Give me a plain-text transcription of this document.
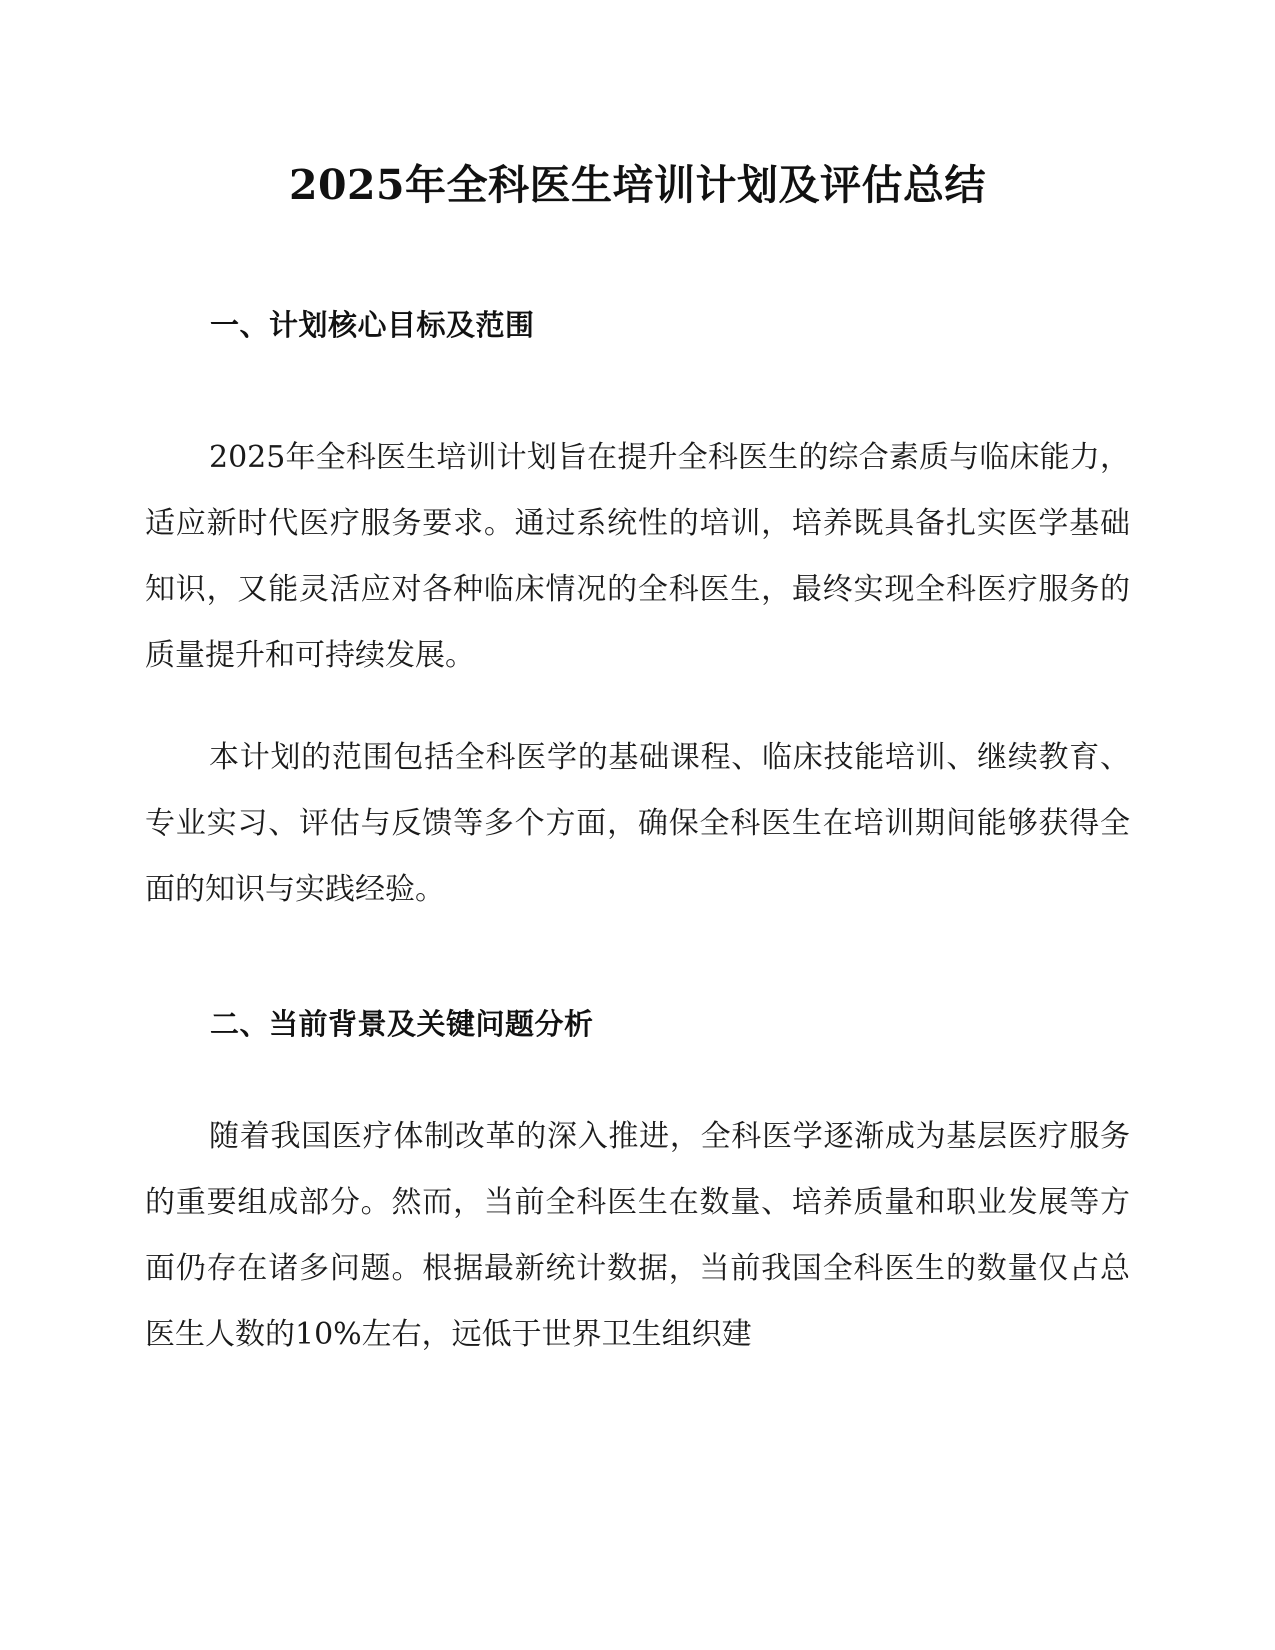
2025年全科医生培训计划及评估总结
一、计划核心目标及范围

2025年全科医生培训计划旨在提升全科医生的综合素质与临床能力，适应新时代医疗服务要求。通过系统性的培训，培养既具备扎实医学基础知识，又能灵活应对各种临床情况的全科医生，最终实现全科医疗服务的质量提升和可持续发展。

本计划的范围包括全科医学的基础课程、临床技能培训、继续教育、专业实习、评估与反馈等多个方面，确保全科医生在培训期间能够获得全面的知识与实践经验。

二、当前背景及关键问题分析

随着我国医疗体制改革的深入推进，全科医学逐渐成为基层医疗服务的重要组成部分。然而，当前全科医生在数量、培养质量和职业发展等方面仍存在诸多问题。根据最新统计数据，当前我国全科医生的数量仅占总医生人数的10%左右，远低于世界卫生组织建
